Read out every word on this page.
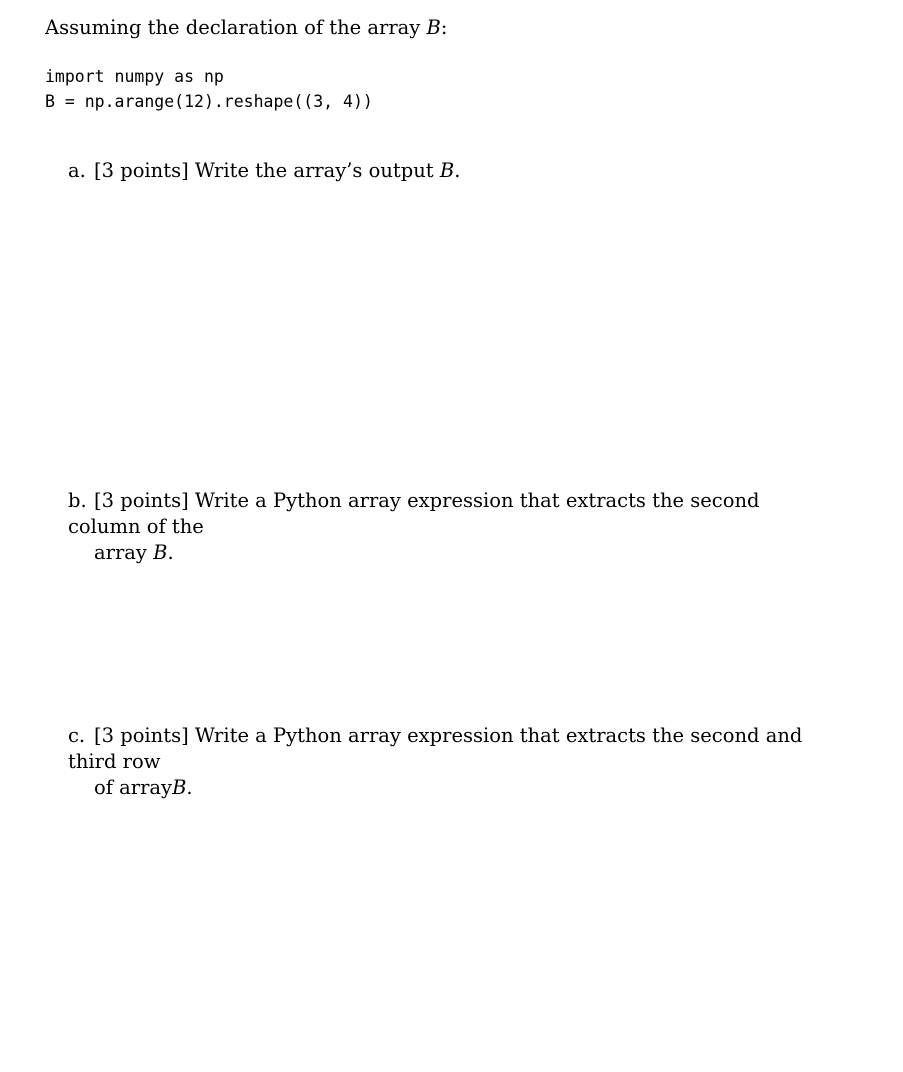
Assuming the declaration of the array B:
import numpy as np
B = np.arange(12).reshape((3, 4))
a. [3 points] Write the array’s output B.
b. [3 points] Write a Python array expression that extracts the second column of the
array B.
c. [3 points] Write a Python array expression that extracts the second and third row
of arrayB.
